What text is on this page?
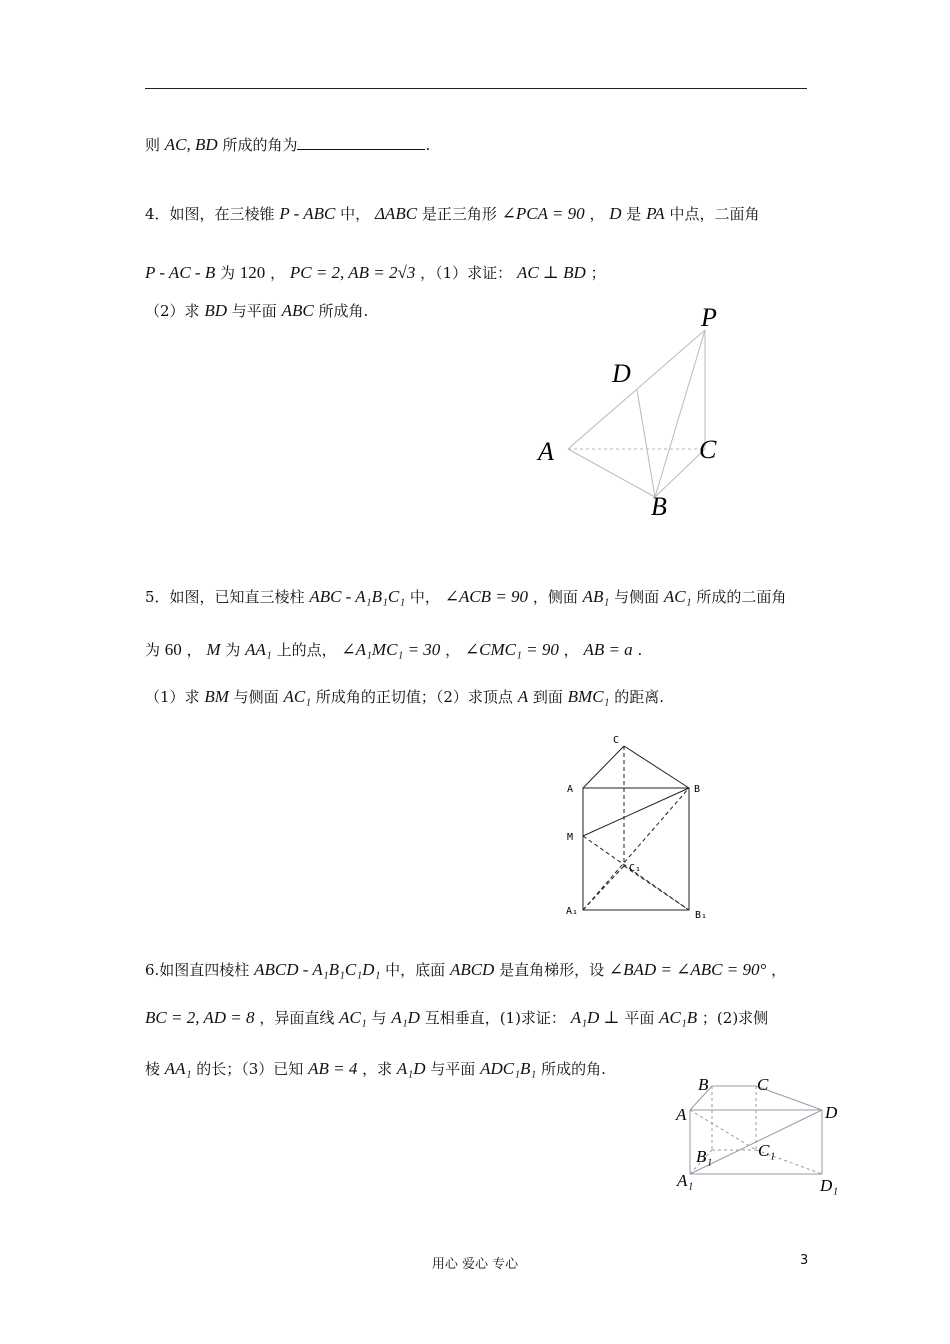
则 AC, BD 所成的角为	.
4．如图，在三棱锥 P - ABC 中， ΔABC 是正三角形 ∠PCA = 90 ， D 是 PA 中点，二面角
P - AC - B 为 120 ， PC = 2, AB = 2√3 ，（1）求证： AC ⊥ BD ；
（2）求 BD 与平面 ABC 所成角.	P
D
A	C
B
5．如图，已知直三棱柱 ABC - A₁B₁C₁ 中， ∠ACB = 90 ，侧面 AB₁ 与侧面 AC₁ 所成的二面角
为 60 ， M 为 AA₁ 上的点， ∠A₁MC₁ = 30 ， ∠CMC₁ = 90 ， AB = a .
（1）求 BM 与侧面 AC₁ 所成角的正切值；（2）求顶点 A 到面 BMC₁ 的距离.
C
A	B
M
C₁
A₁	B₁
6.如图直四棱柱 ABCD - A₁B₁C₁D₁ 中，底面 ABCD 是直角梯形，设 ∠BAD = ∠ABC = 90° ，
BC = 2, AD = 8 ，异面直线 AC₁ 与 A₁D 互相垂直，(1)求证： A₁D ⊥ 平面 AC₁B ；(2)求侧
棱 AA₁ 的长；（3）已知 AB = 4 ，求 A₁D 与平面 ADC₁B₁ 所成的角.
B	C
A	D
B₁	C₁
A₁	D₁
用心 爱心 专心	3
